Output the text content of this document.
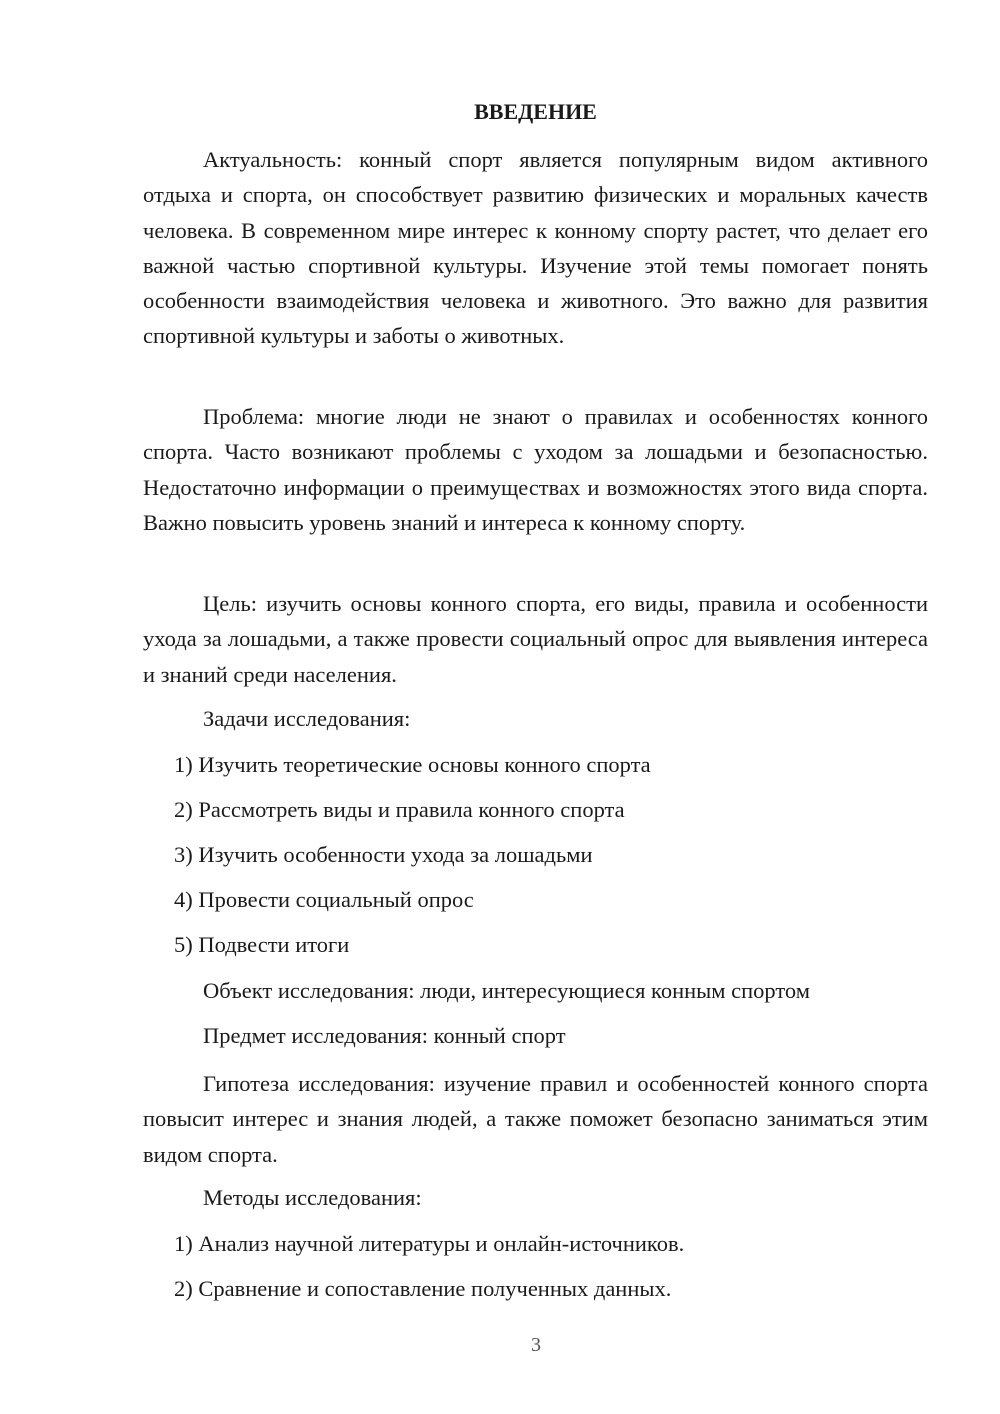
ВВЕДЕНИЕ

Актуальность: конный спорт является популярным видом активного отдыха и спорта, он способствует развитию физических и моральных качеств человека. В современном мире интерес к конному спорту растет, что делает его важной частью спортивной культуры. Изучение этой темы помогает понять особенности взаимодействия человека и животного. Это важно для развития спортивной культуры и заботы о животных.

Проблема: многие люди не знают о правилах и особенностях конного спорта. Часто возникают проблемы с уходом за лошадьми и безопасностью. Недостаточно информации о преимуществах и возможностях этого вида спорта. Важно повысить уровень знаний и интереса к конному спорту.

Цель: изучить основы конного спорта, его виды, правила и особенности ухода за лошадьми, а также провести социальный опрос для выявления интереса и знаний среди населения.

Задачи исследования:

1) Изучить теоретические основы конного спорта

2) Рассмотреть виды и правила конного спорта

3) Изучить особенности ухода за лошадьми

4) Провести социальный опрос

5) Подвести итоги

Объект исследования: люди, интересующиеся конным спортом

Предмет исследования: конный спорт

Гипотеза исследования: изучение правил и особенностей конного спорта повысит интерес и знания людей, а также поможет безопасно заниматься этим видом спорта.

Методы исследования:

1) Анализ научной литературы и онлайн-источников.

2) Сравнение и сопоставление полученных данных.

3
